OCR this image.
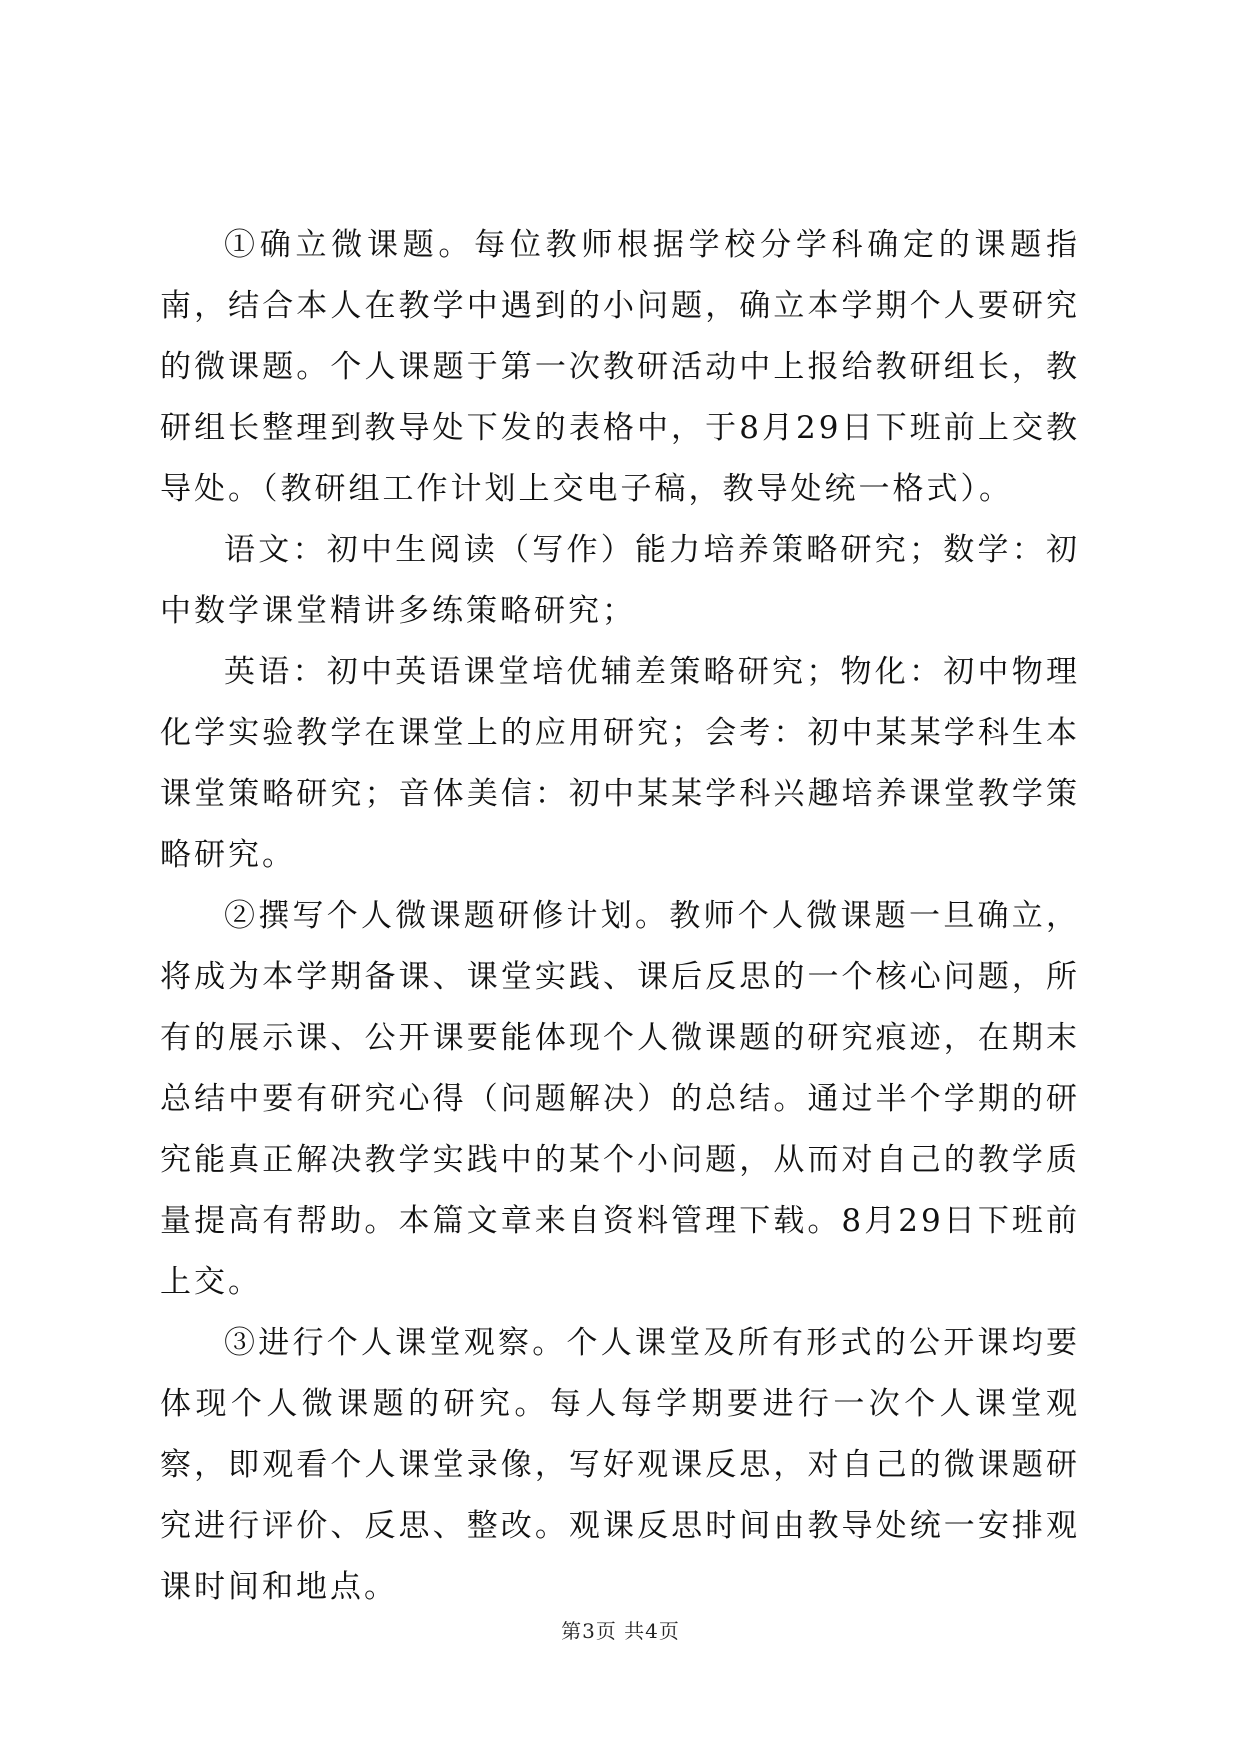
①确立微课题。每位教师根据学校分学科确定的课题指南，结合本人在教学中遇到的小问题，确立本学期个人要研究的微课题。个人课题于第一次教研活动中上报给教研组长，教研组长整理到教导处下发的表格中，于8月29日下班前上交教导处。（教研组工作计划上交电子稿，教导处统一格式）。

语文：初中生阅读（写作）能力培养策略研究；数学：初中数学课堂精讲多练策略研究；

英语：初中英语课堂培优辅差策略研究；物化：初中物理化学实验教学在课堂上的应用研究；会考：初中某某学科生本课堂策略研究；音体美信：初中某某学科兴趣培养课堂教学策略研究。

②撰写个人微课题研修计划。教师个人微课题一旦确立，将成为本学期备课、课堂实践、课后反思的一个核心问题，所有的展示课、公开课要能体现个人微课题的研究痕迹，在期末总结中要有研究心得（问题解决）的总结。通过半个学期的研究能真正解决教学实践中的某个小问题，从而对自己的教学质量提高有帮助。本篇文章来自资料管理下载。8月29日下班前上交。

③进行个人课堂观察。个人课堂及所有形式的公开课均要体现个人微课题的研究。每人每学期要进行一次个人课堂观察，即观看个人课堂录像，写好观课反思，对自己的微课题研究进行评价、反思、整改。观课反思时间由教导处统一安排观课时间和地点。

第3页 共4页
